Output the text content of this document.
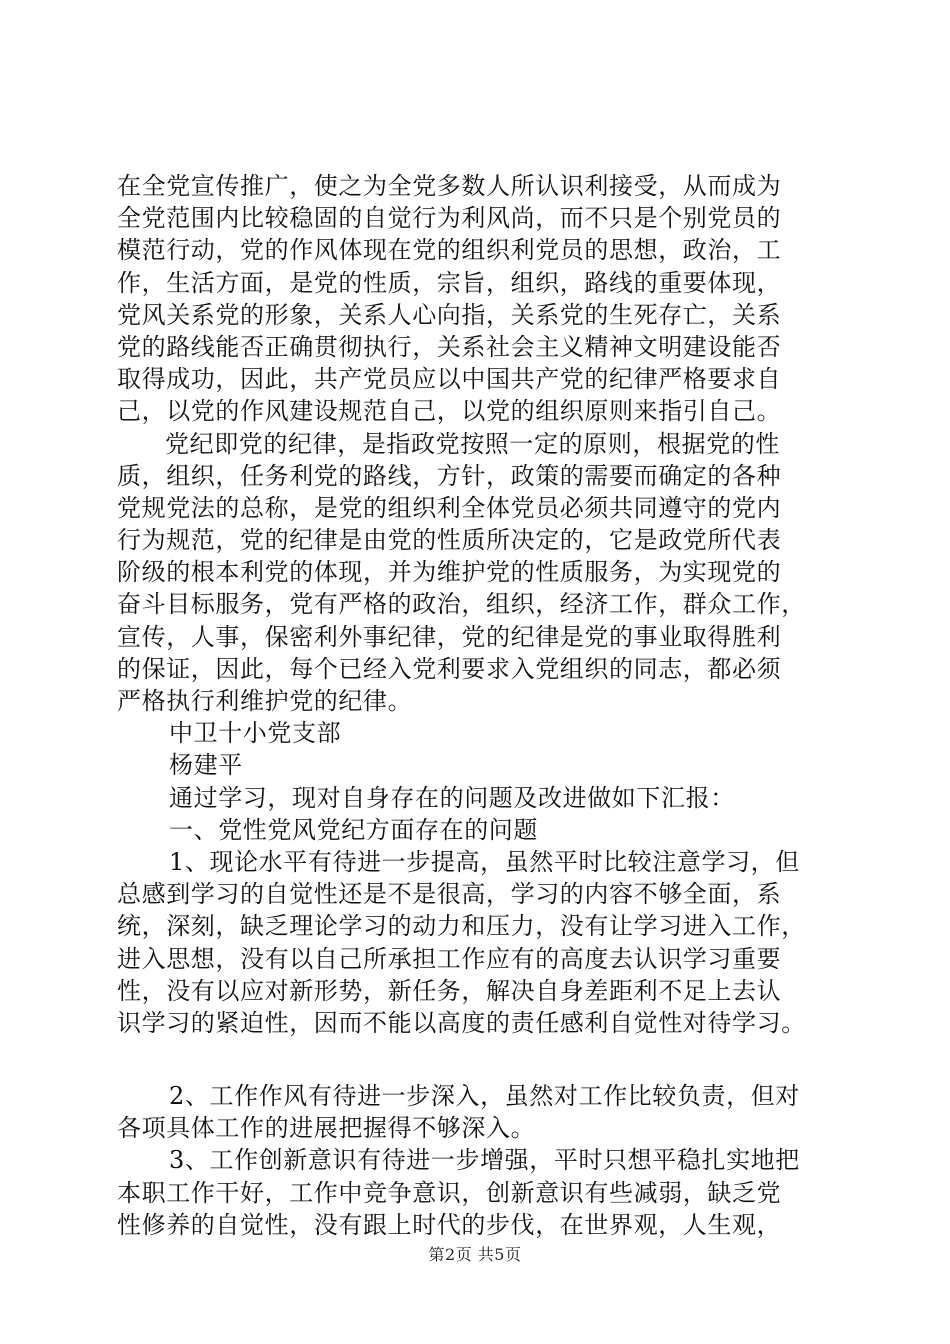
在全党宣传推广，使之为全党多数人所认识利接受，从而成为
全党范围内比较稳固的自觉行为利风尚，而不只是个别党员的
模范行动，党的作风体现在党的组织利党员的思想，政治，工
作，生活方面，是党的性质，宗旨，组织，路线的重要体现，
党风关系党的形象，关系人心向指，关系党的生死存亡，关系
党的路线能否正确贯彻执行，关系社会主义精神文明建设能否
取得成功，因此，共产党员应以中国共产党的纪律严格要求自
己，以党的作风建设规范自己，以党的组织原则来指引自己。
党纪即党的纪律，是指政党按照一定的原则，根据党的性
质，组织，任务利党的路线，方针，政策的需要而确定的各种
党规党法的总称，是党的组织利全体党员必须共同遵守的党内
行为规范，党的纪律是由党的性质所决定的，它是政党所代表
阶级的根本利党的体现，并为维护党的性质服务，为实现党的
奋斗目标服务，党有严格的政治，组织，经济工作，群众工作，
宣传，人事，保密利外事纪律，党的纪律是党的事业取得胜利
的保证，因此，每个已经入党利要求入党组织的同志，都必须
严格执行利维护党的纪律。
中卫十小党支部
杨建平
通过学习，现对自身存在的问题及改进做如下汇报：
一、党性党风党纪方面存在的问题
1、现论水平有待进一步提高，虽然平时比较注意学习，但
总感到学习的自觉性还是不是很高，学习的内容不够全面，系
统，深刻，缺乏理论学习的动力和压力，没有让学习进入工作，
进入思想，没有以自己所承担工作应有的高度去认识学习重要
性，没有以应对新形势，新任务，解决自身差距利不足上去认
识学习的紧迫性，因而不能以高度的责任感利自觉性对待学习。
2、工作作风有待进一步深入，虽然对工作比较负责，但对
各项具体工作的进展把握得不够深入。
3、工作创新意识有待进一步增强，平时只想平稳扎实地把
本职工作干好，工作中竞争意识，创新意识有些减弱，缺乏党
性修养的自觉性，没有跟上时代的步伐，在世界观，人生观，
第2页 共5页
